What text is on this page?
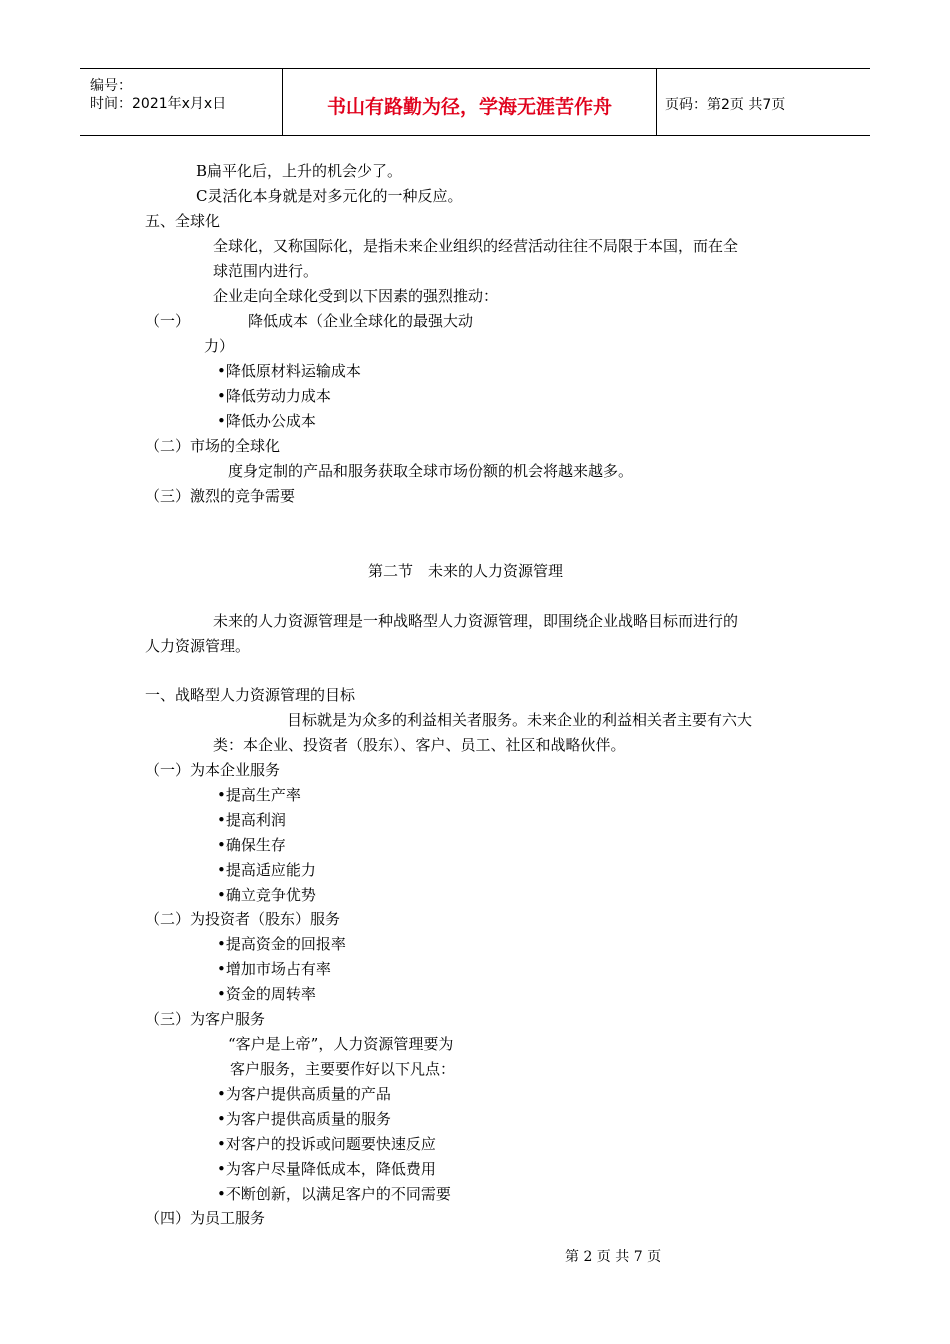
编号：
时间：2021年x月x日	书山有路勤为径，学海无涯苦作舟	页码：第2页 共7页
B扁平化后，上升的机会少了。
C灵活化本身就是对多元化的一种反应。
五、全球化
全球化，又称国际化，是指未来企业组织的经营活动往往不局限于本国，而在全
球范围内进行。
企业走向全球化受到以下因素的强烈推动：
（一）	降低成本（企业全球化的最强大动
力）
•降低原材料运输成本
•降低劳动力成本
•降低办公成本
（二）市场的全球化
度身定制的产品和服务获取全球市场份额的机会将越来越多。
（三）激烈的竞争需要
第二节　未来的人力资源管理
未来的人力资源管理是一种战略型人力资源管理，即围绕企业战略目标而进行的
人力资源管理。
一、战略型人力资源管理的目标
目标就是为众多的利益相关者服务。未来企业的利益相关者主要有六大
类：本企业、投资者（股东）、客户、员工、社区和战略伙伴。
（一）为本企业服务
•提高生产率
•提高利润
•确保生存
•提高适应能力
•确立竞争优势
（二）为投资者（股东）服务
•提高资金的回报率
•增加市场占有率
•资金的周转率
（三）为客户服务
“客户是上帝”，人力资源管理要为
客户服务，主要要作好以下凡点：
•为客户提供高质量的产品
•为客户提供高质量的服务
•对客户的投诉或问题要快速反应
•为客户尽量降低成本，降低费用
•不断创新，以满足客户的不同需要
（四）为员工服务
第 2 页 共 7 页
